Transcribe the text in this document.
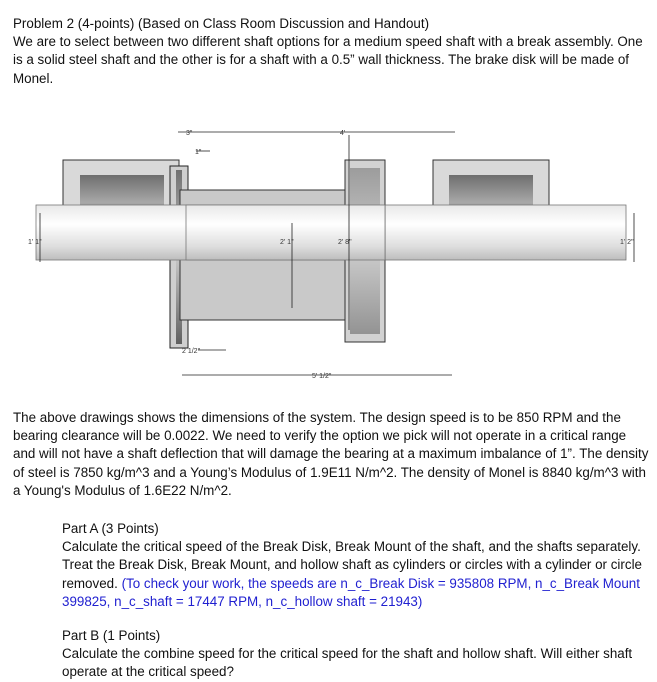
Problem 2 (4-points) (Based on Class Room Discussion and Handout)
We are to select between two different shaft options for a medium speed shaft with a break assembly. One is a solid steel shaft and the other is for a shaft with a 0.5” wall thickness. The brake disk will be made of Monel.

3"	4'
1"
1' 1"	2' 1"	2' 8"	1' 2"
2 1/2"
5' 1/2"

The above drawings shows the dimensions of the system. The design speed is to be 850 RPM and the bearing clearance will be 0.0022. We need to verify the option we pick will not operate in a critical range and will not have a shaft deflection that will damage the bearing at a maximum imbalance of 1”. The density of steel is 7850 kg/m^3 and a Young’s Modulus of 1.9E11 N/m^2. The density of Monel is 8840 kg/m^3 with a Young's Modulus of 1.6E22 N/m^2.

Part A (3 Points)
Calculate the critical speed of the Break Disk, Break Mount of the shaft, and the shafts separately. Treat the Break Disk, Break Mount, and hollow shaft as cylinders or circles with a cylinder or circle removed. (To check your work, the speeds are n_c_Break Disk = 935808 RPM, n_c_Break Mount 399825, n_c_shaft = 17447 RPM, n_c_hollow shaft = 21943)

Part B (1 Points)
Calculate the combine speed for the critical speed for the shaft and hollow shaft. Will either shaft operate at the critical speed?
